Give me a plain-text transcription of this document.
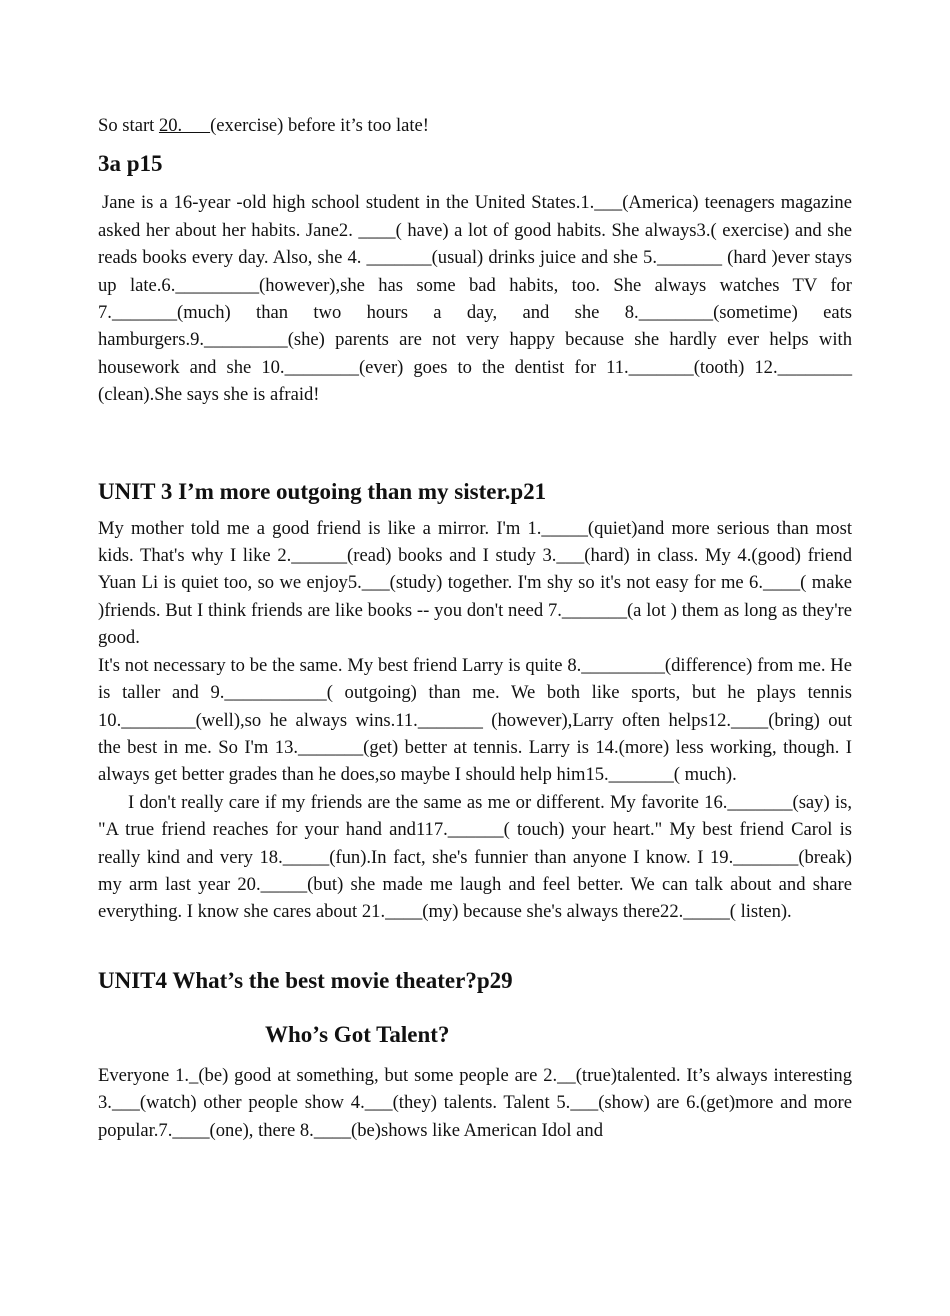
So start 20.      (exercise) before it’s too late!

3a p15

Jane is a 16-year -old high school student in the United States.1.___(America) teenagers magazine asked her about her habits. Jane2. ____( have) a lot of good habits. She always3.( exercise) and she reads books every day. Also, she 4. _______(usual) drinks juice and she 5._______ (hard )ever stays up late.6._________(however),she has some bad habits, too. She always watches TV for 7._______(much) than two hours a day, and she 8.________(sometime) eats hamburgers.9._________(she) parents are not very happy because she hardly ever helps with housework and she 10.________(ever) goes to the dentist for 11._______(tooth) 12.________ (clean).She says she is afraid!

UNIT 3 I’m more outgoing than my sister.p21

My mother told me a good friend is like a mirror. I'm 1._____(quiet)and more serious than most kids. That's why I like 2.______(read) books and I study 3.___(hard) in class. My 4.(good) friend Yuan Li is quiet too, so we enjoy5.___(study) together. I'm shy so it's not easy for me 6.____( make )friends. But I think friends are like books -- you don't need 7._______(a lot ) them as long as they're good.

It's not necessary to be the same. My best friend Larry is quite 8._________(difference) from me. He is taller and 9.___________( outgoing) than me. We both like sports, but he plays tennis 10.________(well),so he always wins.11._______ (however),Larry often helps12.____(bring) out the best in me. So I'm 13._______(get) better at tennis. Larry is 14.(more) less working, though. I always get better grades than he does,so maybe I should help him15._______( much).

I don't really care if my friends are the same as me or different. My favorite 16._______(say) is, "A true friend reaches for your hand and117.______( touch) your heart." My best friend Carol is really kind and very 18._____(fun).In fact, she's funnier than anyone I know. I 19._______(break) my arm last year 20._____(but) she made me laugh and feel better. We can talk about and share everything. I know she cares about 21.____(my) because she's always there22._____( listen).

UNIT4 What’s the best movie theater?p29
Who’s Got Talent?

Everyone 1._(be) good at something, but some people are 2.__(true)talented. It’s always interesting 3.___(watch) other people show 4.___(they) talents. Talent 5.___(show) are 6.(get)more and more popular.7.____(one), there 8.____(be)shows like American Idol and
